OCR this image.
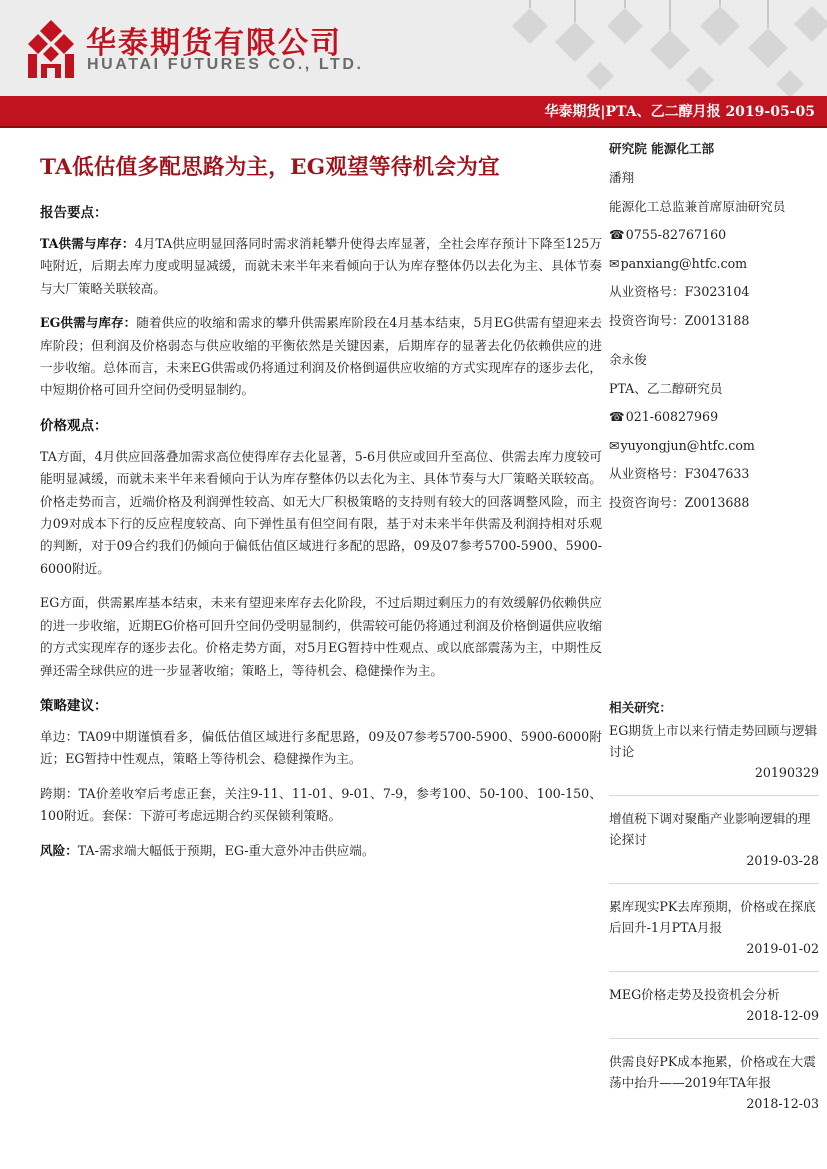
华泰期货有限公司
HUATAI FUTURES CO., LTD.
华泰期货|PTA、乙二醇月报 2019-05-05
TA低估值多配思路为主，EG观望等待机会为宜
报告要点：

TA供需与库存：4月TA供应明显回落同时需求消耗攀升使得去库显著，全社会库存预计下降至125万吨附近，后期去库力度或明显减缓，而就未来半年来看倾向于认为库存整体仍以去化为主、具体节奏与大厂策略关联较高。

EG供需与库存：随着供应的收缩和需求的攀升供需累库阶段在4月基本结束，5月EG供需有望迎来去库阶段；但利润及价格弱态与供应收缩的平衡依然是关键因素，后期库存的显著去化仍依赖供应的进一步收缩。总体而言，未来EG供需或仍将通过利润及价格倒逼供应收缩的方式实现库存的逐步去化，中短期价格可回升空间仍受明显制约。

价格观点：

TA方面，4月供应回落叠加需求高位使得库存去化显著，5-6月供应或回升至高位、供需去库力度较可能明显减缓，而就未来半年来看倾向于认为库存整体仍以去化为主、具体节奏与大厂策略关联较高。价格走势而言，近端价格及利润弹性较高、如无大厂积极策略的支持则有较大的回落调整风险，而主力09对成本下行的反应程度较高、向下弹性虽有但空间有限，基于对未来半年供需及利润持相对乐观的判断，对于09合约我们仍倾向于偏低估值区域进行多配的思路，09及07参考5700-5900、5900-6000附近。

EG方面，供需累库基本结束，未来有望迎来库存去化阶段，不过后期过剩压力的有效缓解仍依赖供应的进一步收缩，近期EG价格可回升空间仍受明显制约，供需较可能仍将通过利润及价格倒逼供应收缩的方式实现库存的逐步去化。价格走势方面，对5月EG暂持中性观点、或以底部震荡为主，中期性反弹还需全球供应的进一步显著收缩；策略上，等待机会、稳健操作为主。

策略建议：

单边：TA09中期谨慎看多，偏低估值区域进行多配思路，09及07参考5700-5900、5900-6000附近；EG暂持中性观点，策略上等待机会、稳健操作为主。

跨期：TA价差收窄后考虑正套，关注9-11、11-01、9-01、7-9，参考100、50-100、100-150、100附近。套保：下游可考虑远期合约买保锁利策略。

风险：TA-需求端大幅低于预期，EG-重大意外冲击供应端。

研究院 能源化工部
潘翔
能源化工总监兼首席原油研究员
☎0755-82767160
✉panxiang@htfc.com
从业资格号：F3023104
投资咨询号：Z0013188
余永俊
PTA、乙二醇研究员
☎021-60827969
✉yuyongjun@htfc.com
从业资格号：F3047633
投资咨询号：Z0013688
相关研究：
EG期货上市以来行情走势回顾与逻辑讨论
20190329
增值税下调对聚酯产业影响逻辑的理论探讨
2019-03-28
累库现实PK去库预期，价格或在探底后回升-1月PTA月报
2019-01-02
MEG价格走势及投资机会分析
2018-12-09
供需良好PK成本拖累，价格或在大震荡中抬升——2019年TA年报
2018-12-03
